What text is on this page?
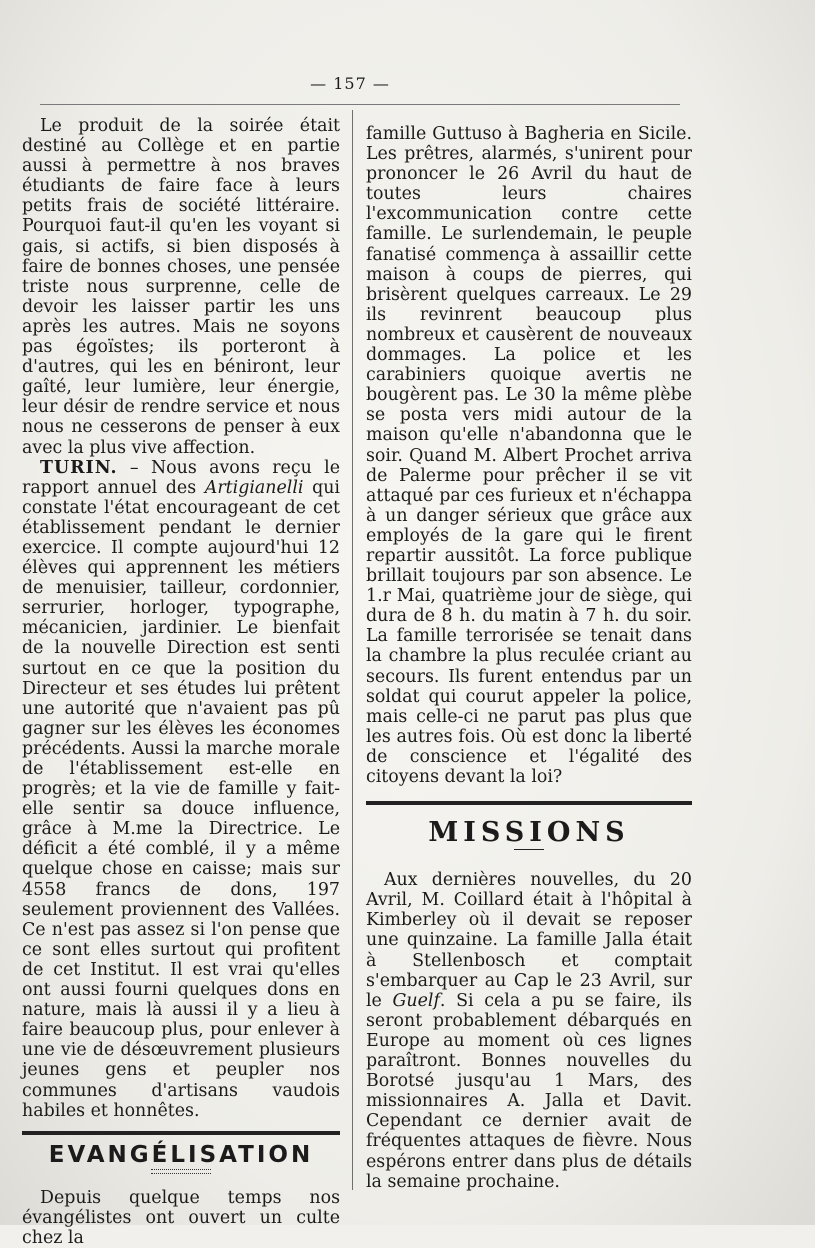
— 157 —

Le produit de la soirée était destiné au Collège et en partie aussi à permettre à nos braves étudiants de faire face à leurs petits frais de société littéraire. Pourquoi faut-il qu'en les voyant si gais, si actifs, si bien disposés à faire de bonnes choses, une pensée triste nous surprenne, celle de devoir les laisser partir les uns après les autres. Mais ne soyons pas égoïstes; ils porteront à d'autres, qui les en béniront, leur gaîté, leur lumière, leur énergie, leur désir de rendre service et nous nous ne cesserons de penser à eux avec la plus vive affection.

TURIN. – Nous avons reçu le rapport annuel des Artigianelli qui constate l'état encourageant de cet établissement pendant le dernier exercice. Il compte aujourd'hui 12 élèves qui apprennent les métiers de menuisier, tailleur, cordonnier, serrurier, horloger, typographe, mécanicien, jardinier. Le bienfait de la nouvelle Direction est senti surtout en ce que la position du Directeur et ses études lui prêtent une autorité que n'avaient pas pû gagner sur les élèves les économes précédents. Aussi la marche morale de l'établissement est-elle en progrès; et la vie de famille y fait-elle sentir sa douce influence, grâce à M.me la Directrice. Le déficit a été comblé, il y a même quelque chose en caisse; mais sur 4558 francs de dons, 197 seulement proviennent des Vallées. Ce n'est pas assez si l'on pense que ce sont elles surtout qui profitent de cet Institut. Il est vrai qu'elles ont aussi fourni quelques dons en nature, mais là aussi il y a lieu à faire beaucoup plus, pour enlever à une vie de désœuvrement plusieurs jeunes gens et peupler nos communes d'artisans vaudois habiles et honnêtes.

EVANGÉLISATION

Depuis quelque temps nos évangélistes ont ouvert un culte chez la

famille Guttuso à Bagheria en Sicile. Les prêtres, alarmés, s'unirent pour prononcer le 26 Avril du haut de toutes leurs chaires l'excommunication contre cette famille. Le surlendemain, le peuple fanatisé commença à assaillir cette maison à coups de pierres, qui brisèrent quelques carreaux. Le 29 ils revinrent beaucoup plus nombreux et causèrent de nouveaux dommages. La police et les carabiniers quoique avertis ne bougèrent pas. Le 30 la même plèbe se posta vers midi autour de la maison qu'elle n'abandonna que le soir. Quand M. Albert Prochet arriva de Palerme pour prêcher il se vit attaqué par ces furieux et n'échappa à un danger sérieux que grâce aux employés de la gare qui le firent repartir aussitôt. La force publique brillait toujours par son absence. Le 1.r Mai, quatrième jour de siège, qui dura de 8 h. du matin à 7 h. du soir. La famille terrorisée se tenait dans la chambre la plus reculée criant au secours. Ils furent entendus par un soldat qui courut appeler la police, mais celle-ci ne parut pas plus que les autres fois. Où est donc la liberté de conscience et l'égalité des citoyens devant la loi?

MISSIONS

Aux dernières nouvelles, du 20 Avril, M. Coillard était à l'hôpital à Kimberley où il devait se reposer une quinzaine. La famille Jalla était à Stellenbosch et comptait s'embarquer au Cap le 23 Avril, sur le Guelf. Si cela a pu se faire, ils seront probablement débarqués en Europe au moment où ces lignes paraîtront. Bonnes nouvelles du Borotsé jusqu'au 1 Mars, des missionnaires A. Jalla et Davit. Cependant ce dernier avait de fréquentes attaques de fièvre. Nous espérons entrer dans plus de détails la semaine prochaine.
